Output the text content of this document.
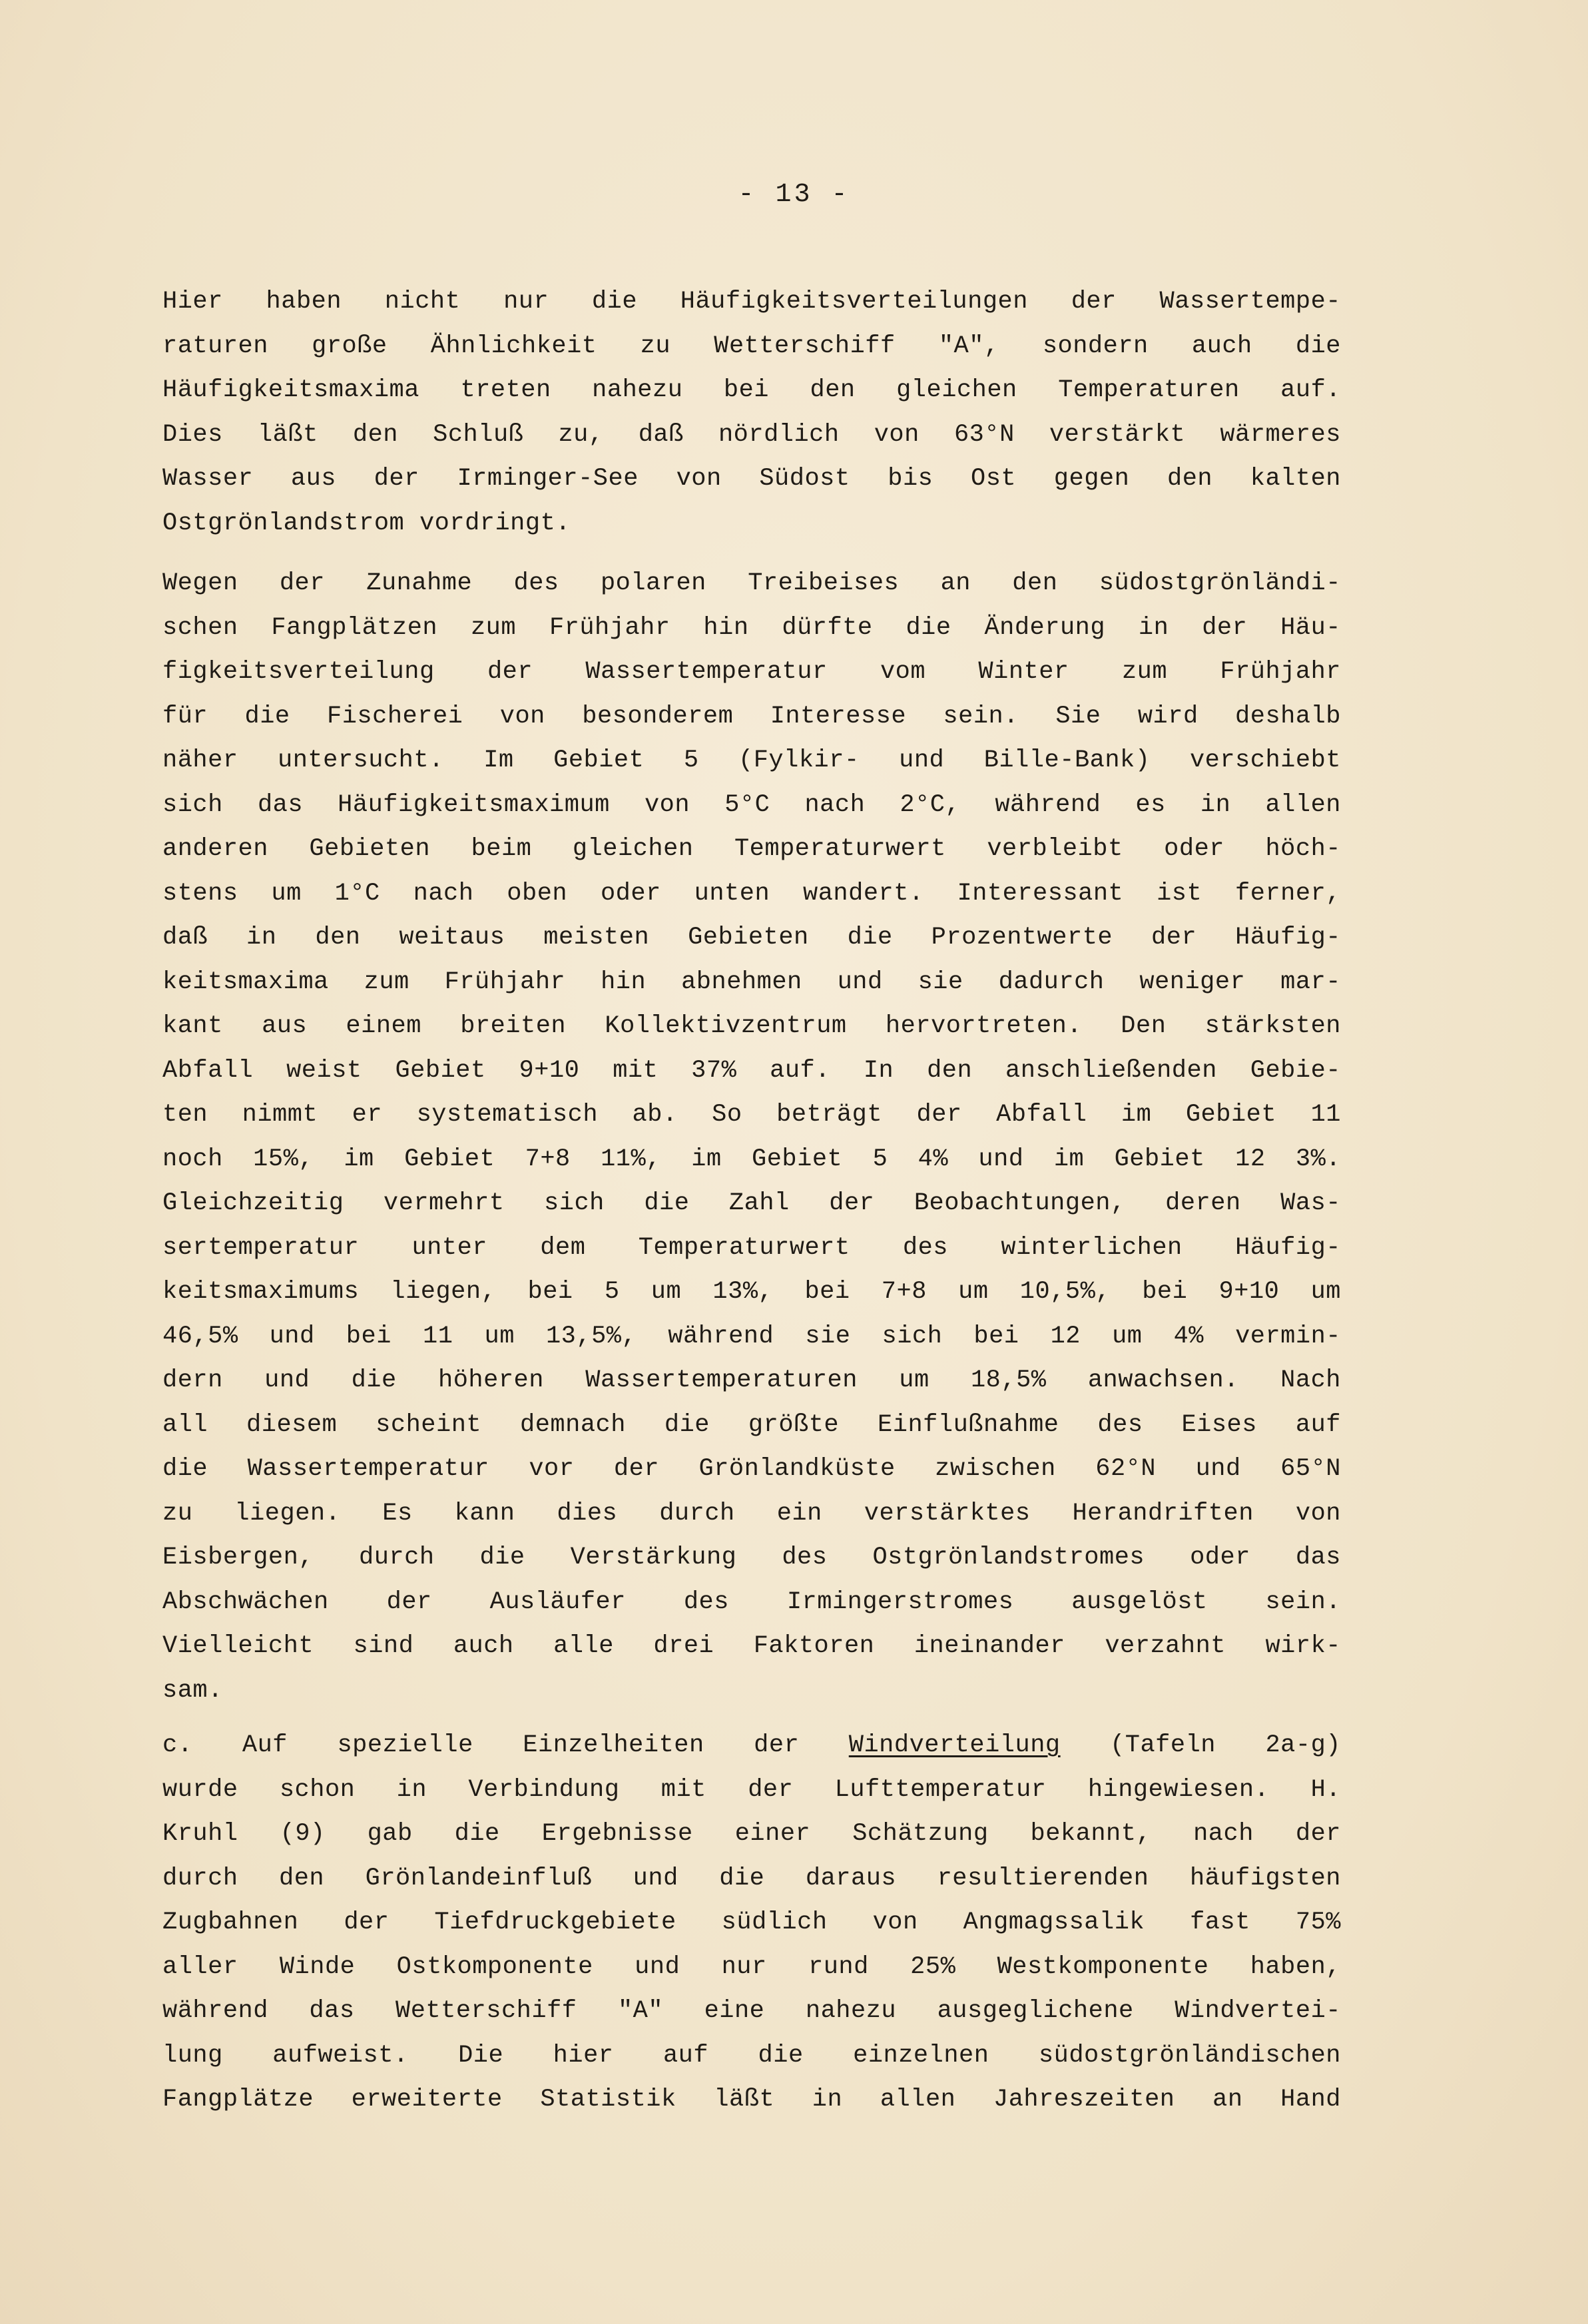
- 13 -
Hier haben nicht nur die Häufigkeitsverteilungen der Wassertempe-
raturen große Ähnlichkeit zu Wetterschiff "A", sondern auch die
Häufigkeitsmaxima treten nahezu bei den gleichen Temperaturen auf.
Dies läßt den Schluß zu, daß nördlich von 63°N verstärkt wärmeres
Wasser aus der Irminger-See von Südost bis Ost gegen den kalten
Ostgrönlandstrom vordringt.
Wegen der Zunahme des polaren Treibeises an den südostgrönländi-
schen Fangplätzen zum Frühjahr hin dürfte die Änderung in der Häu-
figkeitsverteilung der Wassertemperatur vom Winter zum Frühjahr
für die Fischerei von besonderem Interesse sein. Sie wird deshalb
näher untersucht. Im Gebiet 5 (Fylkir- und Bille-Bank) verschiebt
sich das Häufigkeitsmaximum von 5°C nach 2°C, während es in allen
anderen Gebieten beim gleichen Temperaturwert verbleibt oder höch-
stens um 1°C nach oben oder unten wandert. Interessant ist ferner,
daß in den weitaus meisten Gebieten die Prozentwerte der Häufig-
keitsmaxima zum Frühjahr hin abnehmen und sie dadurch weniger mar-
kant aus einem breiten Kollektivzentrum hervortreten. Den stärksten
Abfall weist Gebiet 9+10 mit 37% auf. In den anschließenden Gebie-
ten nimmt er systematisch ab. So beträgt der Abfall im Gebiet 11
noch 15%, im Gebiet 7+8 11%, im Gebiet 5 4% und im Gebiet 12 3%.
Gleichzeitig vermehrt sich die Zahl der Beobachtungen, deren Was-
sertemperatur unter dem Temperaturwert des winterlichen Häufig-
keitsmaximums liegen, bei 5 um 13%, bei 7+8 um 10,5%, bei 9+10 um
46,5% und bei 11 um 13,5%, während sie sich bei 12 um 4% vermin-
dern und die höheren Wassertemperaturen um 18,5% anwachsen. Nach
all diesem scheint demnach die größte Einflußnahme des Eises auf
die Wassertemperatur vor der Grönlandküste zwischen 62°N und 65°N
zu liegen. Es kann dies durch ein verstärktes Herandriften von
Eisbergen, durch die Verstärkung des Ostgrönlandstromes oder das
Abschwächen der Ausläufer des Irmingerstromes ausgelöst sein.
Vielleicht sind auch alle drei Faktoren ineinander verzahnt wirk-
sam.
c. Auf spezielle Einzelheiten der Windverteilung (Tafeln 2a-g)
wurde schon in Verbindung mit der Lufttemperatur hingewiesen. H.
Kruhl (9) gab die Ergebnisse einer Schätzung bekannt, nach der
durch den Grönlandeinfluß und die daraus resultierenden häufigsten
Zugbahnen der Tiefdruckgebiete südlich von Angmagssalik fast 75%
aller Winde Ostkomponente und nur rund 25% Westkomponente haben,
während das Wetterschiff "A" eine nahezu ausgeglichene Windvertei-
lung aufweist. Die hier auf die einzelnen südostgrönländischen
Fangplätze erweiterte Statistik läßt in allen Jahreszeiten an Hand
